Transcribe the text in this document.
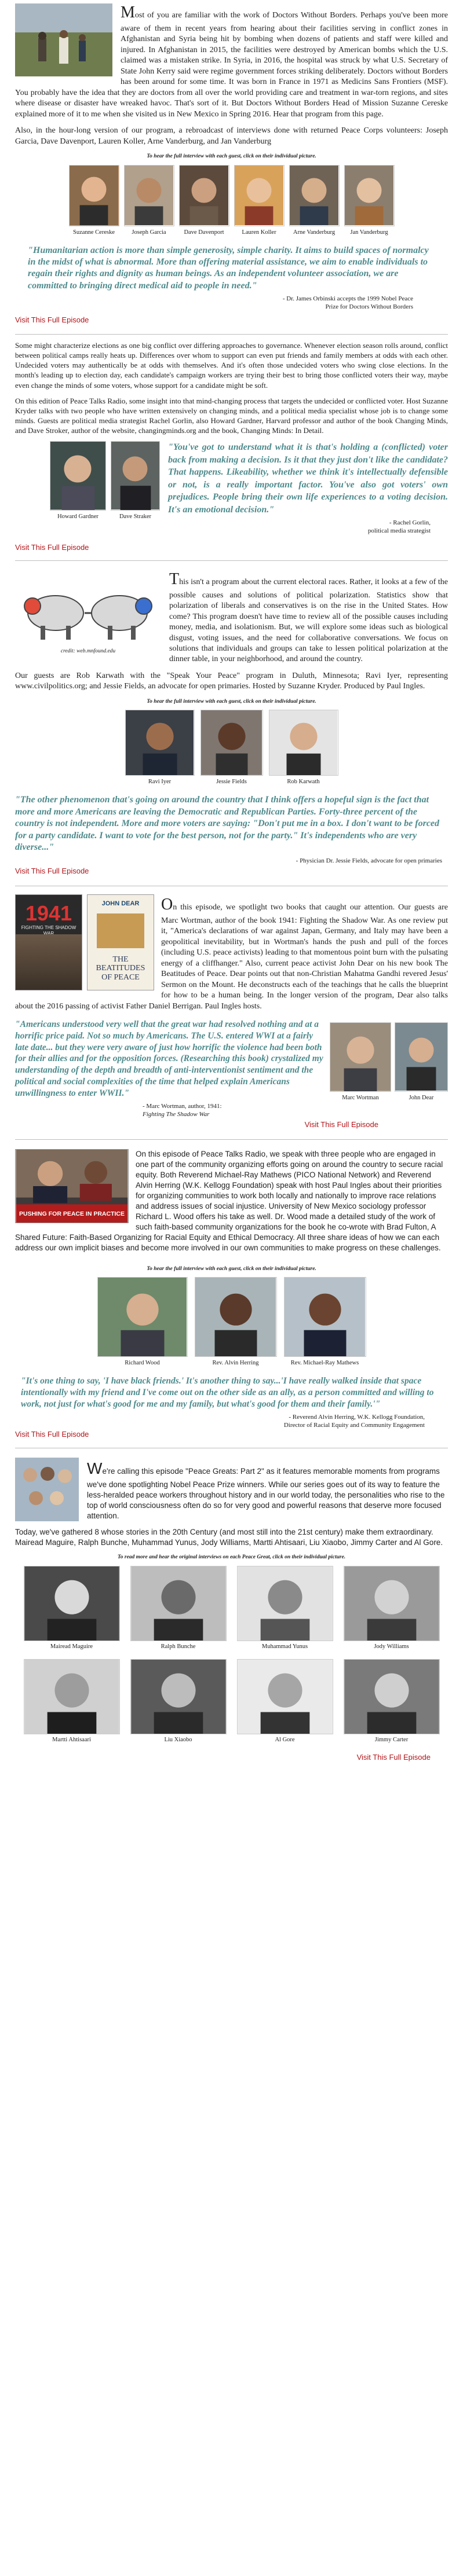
Most of you are familiar with the work of Doctors Without Borders. Perhaps you've been more aware of them in recent years from hearing about their facilities serving in conflict zones in Afghanistan and Syria being hit by bombing when dozens of patients and staff were killed and injured. In Afghanistan in 2015, the facilities were destroyed by American bombs which the U.S. claimed was a mistaken strike. In Syria, in 2016, the hospital was struck by what U.S. Secretary of State John Kerry said were regime government forces striking deliberately. Doctors without Borders has been around for some time. It was born in France in 1971 as Medicins Sans Frontiers (MSF). You probably have the idea that they are doctors from all over the world providing care and treatment in war-torn regions, and sites where disease or disaster have wreaked havoc. That's sort of it. But Doctors Without Borders Head of Mission Suzanne Cereske explained more of it to me when she visited us in New Mexico in Spring 2016. Hear that program from this page.

Also, in the hour-long version of our program, a rebroadcast of interviews done with returned Peace Corps volunteers: Joseph Garcia, Dave Davenport, Lauren Koller, Arne Vanderburg, and Jan Vanderburg

To hear the full interview with each guest, click on their individual picture.
Suzanne Cereske	Joseph Garcia	Dave Davenport	Lauren Koller	Arne Vanderburg	Jan Vanderburg

"Humanitarian action is more than simple generosity, simple charity. It aims to build spaces of normalcy in the midst of what is abnormal. More than offering material assistance, we aim to enable individuals to regain their rights and dignity as human beings. As an independent volunteer association, we are committed to bringing direct medical aid to people in need."

- Dr. James Orbinski accepts the 1999 Nobel Peace
Prize for Doctors Without Borders
Visit This Full Episode

Some might characterize elections as one big conflict over differing approaches to governance. Whenever election season rolls around, conflict between political camps really heats up. Differences over whom to support can even put friends and family members at odds with each other. Undecided voters may authentically be at odds with themselves. And it's often those undecided voters who swing close elections. In the month's leading up to election day, each candidate's campaign workers are trying their best to bring those conflicted voters their way, maybe even change the minds of some voters, whose support for a candidate might be soft.

On this edition of Peace Talks Radio, some insight into that mind-changing process that targets the undecided or conflicted voter. Host Suzanne Kryder talks with two people who have written extensively on changing minds, and a political media specialist whose job is to change some minds. Guests are political media strategist Rachel Gorlin, also Howard Gardner, Harvard professor and author of the book Changing Minds, and Dave Stroker, author of the website, changingminds.org and the book, Changing Minds: In Detail.

Howard Gardner	Dave Straker

"You've got to understand what it is that's holding a (conflicted) voter back from making a decision. Is it that they just don't like the candidate? That happens. Likeability, whether we think it's intellectually defensible or not, is a really important factor. You've also got voters' own prejudices. People bring their own life experiences to a voting decision. It's an emotional decision."

- Rachel Gorlin,
political media strategist
Visit This Full Episode
credit: web.mnfound.edu

This isn't a program about the current electoral races. Rather, it looks at a few of the possible causes and solutions of political polarization. Statistics show that polarization of liberals and conservatives is on the rise in the United States. How come? This program doesn't have time to review all of the possible causes including money, media, and isolationism. But, we will explore some ideas such as biological disgust, voting issues, and the need for collaborative conversations. We focus on solutions that individuals and groups can take to lessen political polarization at the dinner table, in your neighborhood, and around the country.

Our guests are Rob Karwath with the "Speak Your Peace" program in Duluth, Minnesota; Ravi Iyer, representing www.civilpolitics.org; and Jessie Fields, an advocate for open primaries. Hosted by Suzanne Kryder. Produced by Paul Ingles.

To hear the full interview with each guest, click on their individual picture.
Ravi Iyer	Jessie Fields	Rob Karwath

"The other phenomenon that's going on around the country that I think offers a hopeful sign is the fact that more and more Americans are leaving the Democratic and Republican Parties. Forty-three percent of the country is not independent. More and more voters are saying: "Don't put me in a box. I don't want to be forced for a party candidate. I want to vote for the best person, not for the party." It's independents who are very diverse..."

- Physician Dr. Jessie Fields, advocate for open primaries
Visit This Full Episode
1941
FIGHTING THE SHADOW
JOHN DEAR
THE BEATITUDES OF PEACE

On this episode, we spotlight two books that caught our attention. Our guests are Marc Wortman, author of the book 1941: Fighting the Shadow War. As one review put it, "America's declarations of war against Japan, Germany, and Italy may have been a geopolitical inevitability, but in Wortman's hands the push and pull of the forces (including U.S. peace activists) leading to that momentous point burn with the pulsating energy of a cliffhanger." Also, current peace activist John Dear on his new book The Beatitudes of Peace. Dear points out that non-Christian Mahatma Gandhi revered Jesus' Sermon on the Mount. He deconstructs each of the teachings that he calls the blueprint for how to be a human being. In the longer version of the program, Dear also talks about the 2016 passing of activist Father Daniel Berrigan. Paul Ingles hosts.

"Americans understood very well that the great war had resolved nothing and at a horrific price paid. Not so much by Americans. The U.S. entered WWI at a fairly late date... but they were very aware of just how horrific the violence had been both for their allies and for the opposition forces. (Researching this book) crystalized my understanding of the depth and breadth of anti-interventionist sentiment and the political and social complexities of the time that helped explain Americans unwillingness to enter WWII."

- Marc Wortman, author, 1941:
Fighting The Shadow War
Marc Wortman	John Dear
Visit This Full Episode
PUSHING FOR PEACE IN PRACTICE

On this episode of Peace Talks Radio, we speak with three people who are engaged in one part of the community organizing efforts going on around the country to secure racial equity. Both Reverend Michael-Ray Mathews (PICO National Network) and Reverend Alvin Herring (W.K. Kellogg Foundation) speak with host Paul Ingles about their priorities for organizing communities to work both locally and nationally to improve race relations and address issues of social injustice. University of New Mexico sociology professor Richard L. Wood offers his take as well. Dr. Wood made a detailed study of the work of such faith-based community organizations for the book he co-wrote with Brad Fulton, A Shared Future: Faith-Based Organizing for Racial Equity and Ethical Democracy. All three share ideas of how we can each address our own implicit biases and become more involved in our own communities to make progress on these challenges.

To hear the full interview with each guest, click on their individual picture.
Richard Wood	Rev. Alvin Herring	Rev. Michael-Ray Mathews

"It's one thing to say, 'I have black friends.' It's another thing to say...'I have really walked inside that space intentionally with my friend and I've come out on the other side as an ally, as a person committed and willing to work, not just for what's good for me and my family, but what's good for them and their family.'"

- Reverend Alvin Herring, W.K. Kellogg Foundation,
Director of Racial Equity and Community Engagement
Visit This Full Episode

We're calling this episode "Peace Greats: Part 2" as it features memorable moments from programs we've done spotlighting Nobel Peace Prize winners. While our series goes out of its way to feature the less-heralded peace workers throughout history and in our world today, the personalities who rise to the top of world consciousness often do so for very good and powerful reasons that deserve more focused attention.

Today, we've gathered 8 whose stories in the 20th Century (and most still into the 21st century) make them extraordinary. Mairead Maguire, Ralph Bunche, Muhammad Yunus, Jody Williams, Martti Ahtisaari, Liu Xiaobo, Jimmy Carter and Al Gore.

To read more and hear the original interviews on each Peace Great, click on their individual picture.
Mairead Maguire	Ralph Bunche	Muhammad Yunus	Jody Williams
Martti Ahtisaari	Liu Xiaobo	Al Gore	Jimmy Carter
Visit This Full Episode
